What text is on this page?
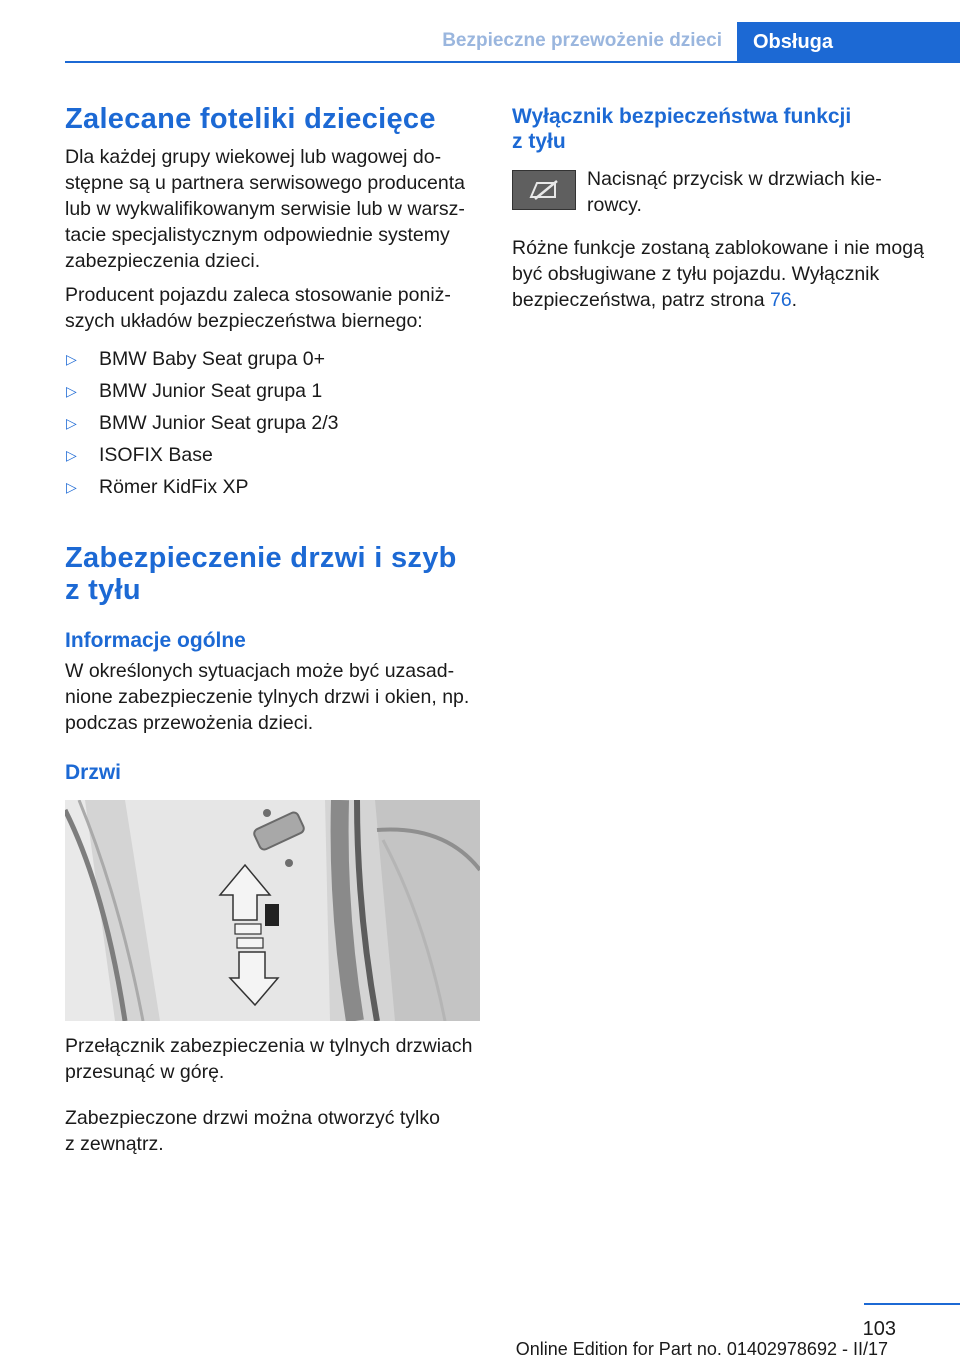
Bezpieczne przewożenie dzieci	Obsługa
Zalecane foteliki dziecięce

Dla każdej grupy wiekowej lub wagowej do‐
stępne są u partnera serwisowego producenta
lub w wykwalifikowanym serwisie lub w warsz‐
tacie specjalistycznym odpowiednie systemy
zabezpieczenia dzieci.

Producent pojazdu zaleca stosowanie poniż‐
szych układów bezpieczeństwa biernego:

▷ BMW Baby Seat grupa 0+
▷ BMW Junior Seat grupa 1
▷ BMW Junior Seat grupa 2/3
▷ ISOFIX Base
▷ Römer KidFix XP
Zabezpieczenie drzwi i szyb
z tyłu
Informacje ogólne

W określonych sytuacjach może być uzasad‐
nione zabezpieczenie tylnych drzwi i okien, np.
podczas przewożenia dzieci.

Drzwi

Przełącznik zabezpieczenia w tylnych drzwiach
przesunąć w górę.

Zabezpieczone drzwi można otworzyć tylko
z zewnątrz.

Wyłącznik bezpieczeństwa funkcji
z tyłu

Nacisnąć przycisk w drzwiach kie‐
rowcy.

Różne funkcje zostaną zablokowane i nie mogą
być obsługiwane z tyłu pojazdu. Wyłącznik
bezpieczeństwa, patrz strona 76.

103
Online Edition for Part no. 01402978692 - II/17
